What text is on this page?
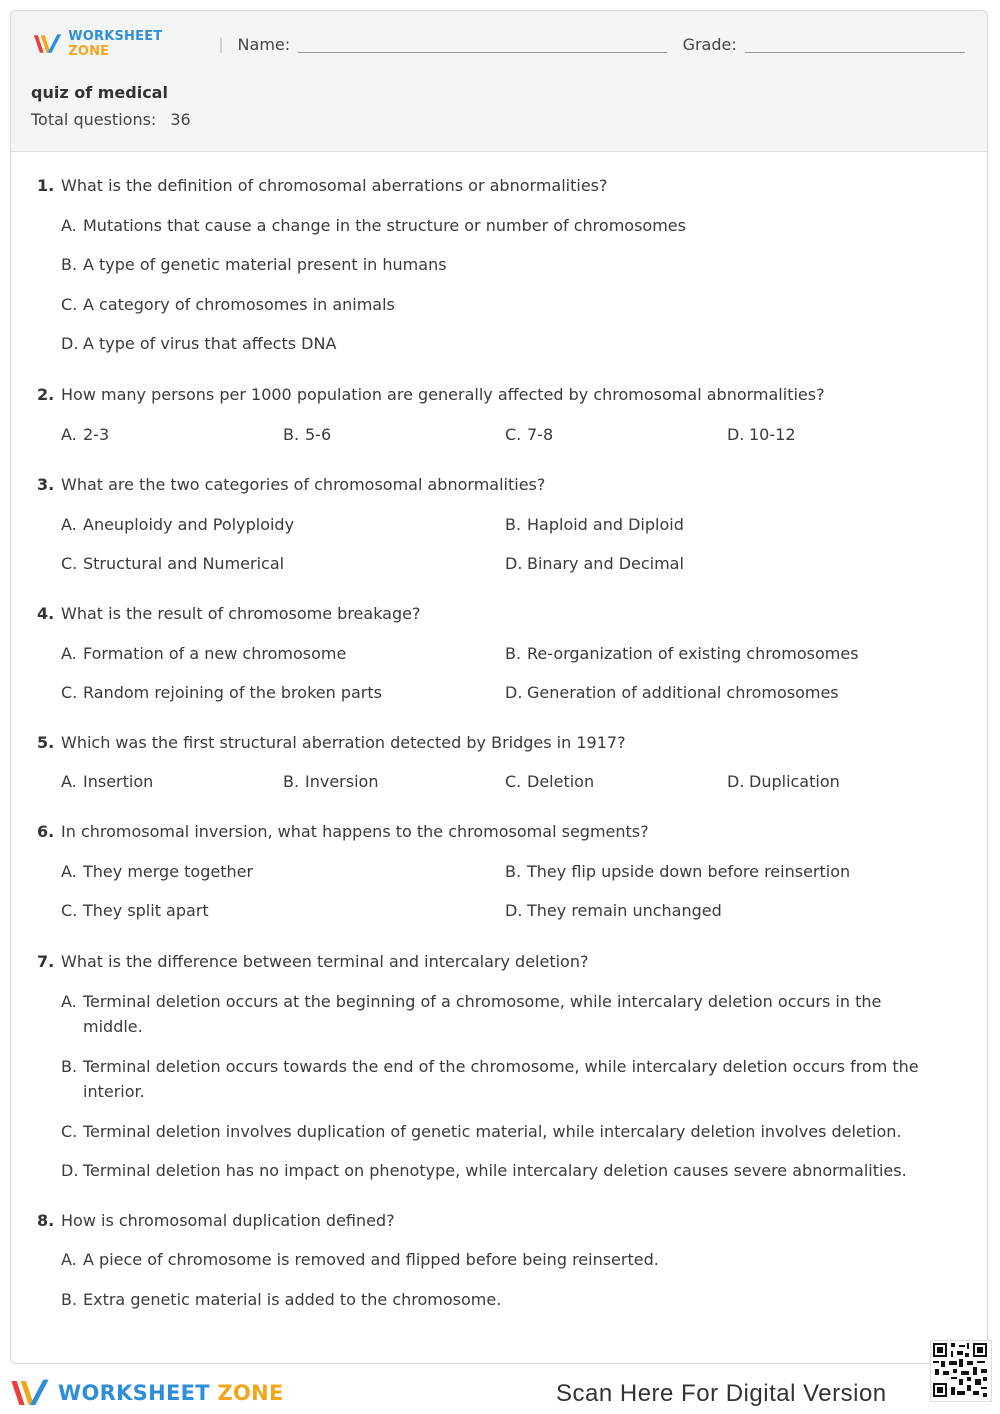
WORKSHEET ZONE	| Name:	Grade:
quiz of medical
Total questions: 36
1. What is the definition of chromosomal aberrations or abnormalities?
A. Mutations that cause a change in the structure or number of chromosomes
B. A type of genetic material present in humans
C. A category of chromosomes in animals
D. A type of virus that affects DNA
2. How many persons per 1000 population are generally affected by chromosomal abnormalities?
A. 2-3	B. 5-6	C. 7-8	D. 10-12
3. What are the two categories of chromosomal abnormalities?
A. Aneuploidy and Polyploidy	B. Haploid and Diploid
C. Structural and Numerical	D. Binary and Decimal
4. What is the result of chromosome breakage?
A. Formation of a new chromosome	B. Re-organization of existing chromosomes
C. Random rejoining of the broken parts	D. Generation of additional chromosomes
5. Which was the first structural aberration detected by Bridges in 1917?
A. Insertion	B. Inversion	C. Deletion	D. Duplication
6. In chromosomal inversion, what happens to the chromosomal segments?
A. They merge together	B. They flip upside down before reinsertion
C. They split apart	D. They remain unchanged
7. What is the difference between terminal and intercalary deletion?
A. Terminal deletion occurs at the beginning of a chromosome, while intercalary deletion occurs in the middle.
B. Terminal deletion occurs towards the end of the chromosome, while intercalary deletion occurs from the interior.
C. Terminal deletion involves duplication of genetic material, while intercalary deletion involves deletion.
D. Terminal deletion has no impact on phenotype, while intercalary deletion causes severe abnormalities.
8. How is chromosomal duplication defined?
A. A piece of chromosome is removed and flipped before being reinserted.
B. Extra genetic material is added to the chromosome.
WORKSHEET ZONE	Scan Here For Digital Version
